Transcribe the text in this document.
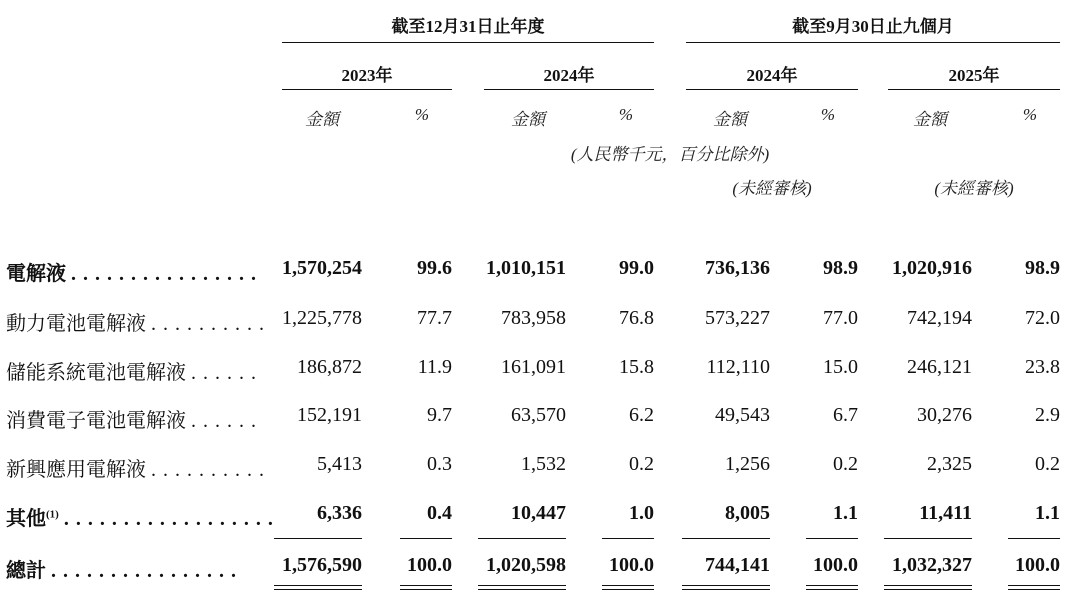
截至12月31日止年度	截至9月30日止九個月
2023年	2024年	2024年	2025年
金額	%	金額	%	金額	%	金額	%
(人民幣千元，百分比除外)
(未經審核)	(未經審核)
電解液 . . . . . . . . . . . . . . . .	1,570,254	99.6	1,010,151	99.0	736,136	98.9	1,020,916	98.9
動力電池電解液 . . . . . . . . . . 1,225,778	77.7	783,958	76.8	573,227	77.0	742,194	72.0
儲能系統電池電解液 . . . . . .	186,872	11.9	161,091	15.8	112,110	15.0	246,121	23.8
消費電子電池電解液 . . . . . .	152,191	9.7	63,570	6.2	49,543	6.7	30,276	2.9
新興應用電解液 . . . . . . . . . .	5,413	0.3	1,532	0.2	1,256	0.2	2,325	0.2
其他$^{(1)}$ . . . . . . . . . . . . . . . . . .	6,336	0.4	10,447	1.0	8,005	1.1	11,411	1.1
總計 . . . . . . . . . . . . . . . .	1,576,590	100.0	1,020,598	100.0	744,141	100.0	1,032,327	100.0
